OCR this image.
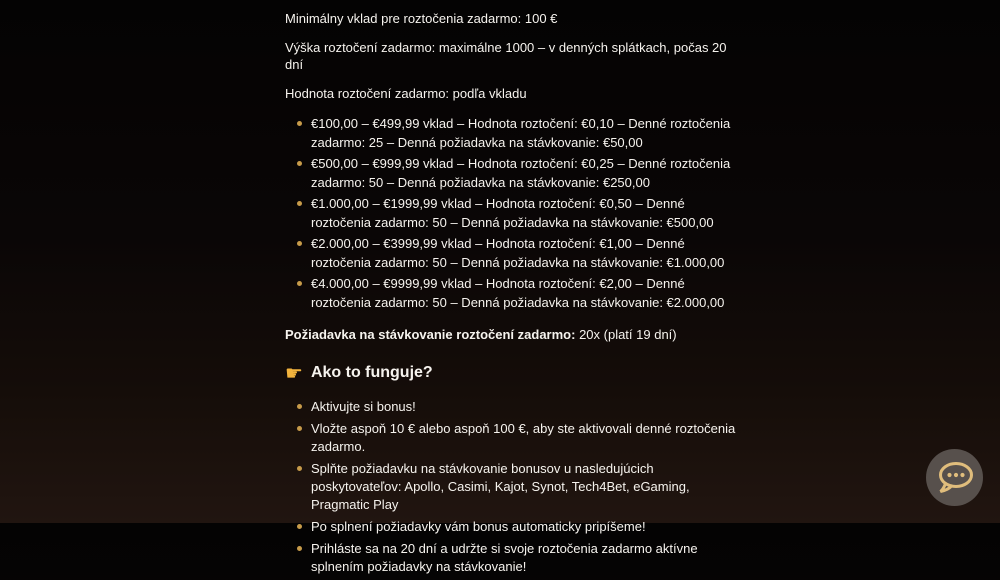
Minimálny vklad pre roztočenia zadarmo: 100 €

Výška roztočení zadarmo: maximálne 1000 – v denných splátkach, počas 20 dní

Hodnota roztočení zadarmo: podľa vkladu

€100,00 – €499,99 vklad – Hodnota roztočení: €0,10 – Denné roztočenia zadarmo: 25 – Denná požiadavka na stávkovanie: €50,00
€500,00 – €999,99 vklad – Hodnota roztočení: €0,25 – Denné roztočenia zadarmo: 50 – Denná požiadavka na stávkovanie: €250,00
€1.000,00 – €1999,99 vklad – Hodnota roztočení: €0,50 – Denné roztočenia zadarmo: 50 – Denná požiadavka na stávkovanie: €500,00
€2.000,00 – €3999,99 vklad – Hodnota roztočení: €1,00 – Denné roztočenia zadarmo: 50 – Denná požiadavka na stávkovanie: €1.000,00
€4.000,00 – €9999,99 vklad – Hodnota roztočení: €2,00 – Denné roztočenia zadarmo: 50 – Denná požiadavka na stávkovanie: €2.000,00

Požiadavka na stávkovanie roztočení zadarmo: 20x (platí 19 dní)

☛ Ako to funguje?
Aktivujte si bonus!
Vložte aspoň 10 € alebo aspoň 100 €, aby ste aktivovali denné roztočenia zadarmo.
Splňte požiadavku na stávkovanie bonusov u nasledujúcich poskytovateľov: Apollo, Casimi, Kajot, Synot, Tech4Bet, eGaming, Pragmatic Play
Po splnení požiadavky vám bonus automaticky pripíšeme!
Prihláste sa na 20 dní a udržte si svoje roztočenia zadarmo aktívne splnením požiadavky na stávkovanie!
